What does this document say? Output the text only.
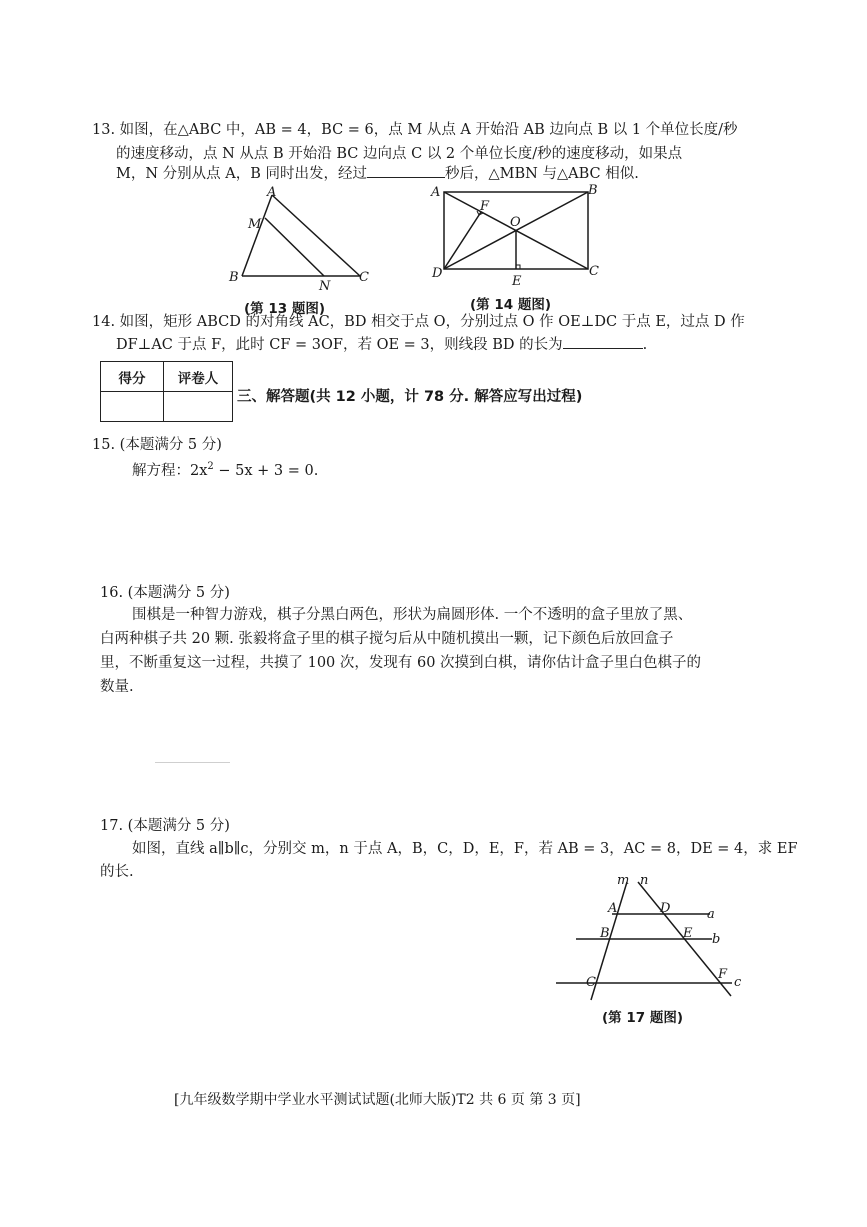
13. 如图，在△ABC 中，AB = 4，BC = 6，点 M 从点 A 开始沿 AB 边向点 B 以 1 个单位长度/秒
的速度移动，点 N 从点 B 开始沿 BC 边向点 C 以 2 个单位长度/秒的速度移动，如果点
M，N 分别从点 A，B 同时出发，经过	秒后，△MBN 与△ABC 相似.
A
M
B
N
C
(第 13 题图)
A	B
F
O
D
E
C
(第 14 题图)
14. 如图，矩形 ABCD 的对角线 AC，BD 相交于点 O，分别过点 O 作 OE⊥DC 于点 E，过点 D 作
DF⊥AC 于点 F，此时 CF = 3OF，若 OE = 3，则线段 BD 的长为	.
得分	评卷人

三、解答题(共 12 小题，计 78 分. 解答应写出过程)
15. (本题满分 5 分)
解方程：$2x^2 - 5x + 3 = 0$.
16. (本题满分 5 分)
围棋是一种智力游戏，棋子分黑白两色，形状为扁圆形体. 一个不透明的盒子里放了黑、
白两种棋子共 20 颗. 张毅将盒子里的棋子搅匀后从中随机摸出一颗，记下颜色后放回盒子
里，不断重复这一过程，共摸了 100 次，发现有 60 次摸到白棋，请你估计盒子里白色棋子的
数量.
17. (本题满分 5 分)
如图，直线 a∥b∥c，分别交 m，n 于点 A，B，C，D，E，F，若 AB = 3，AC = 8，DE = 4，求 EF
的长.
m n
A	D	a
B	E b
C
F
c
(第 17 题图)
[九年级数学期中学业水平测试试题(北师大版)T2 共 6 页 第 3 页]
